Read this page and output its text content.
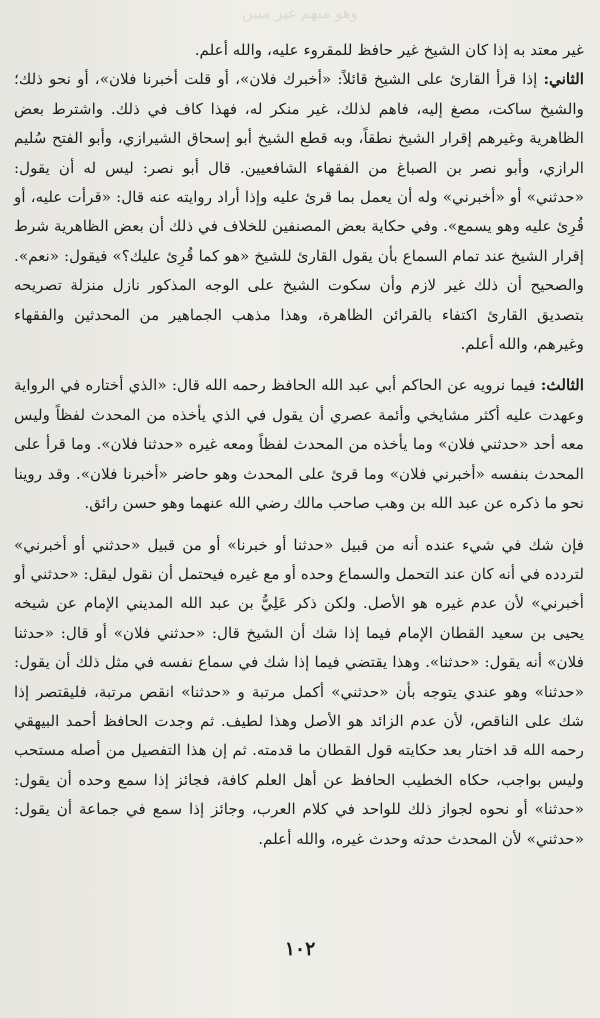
وهو مبهم غير مبين

غير معتد به إذا كان الشيخ غير حافظ للمقروء عليه، والله أعلم.

الثاني: إذا قرأ القارئ على الشيخ قائلاً: «أخبرك فلان»، أو قلت أخبرنا فلان»، أو نحو ذلك؛ والشيخ ساكت، مصغ إليه، فاهم لذلك، غير منكر له، فهذا كاف في ذلك. واشترط بعض الظاهرية وغيرهم إقرار الشيخ نطقاً، وبه قطع الشيخ أبو إسحاق الشيرازي، وأبو الفتح سُليم الرازي، وأبو نصر بن الصباغ من الفقهاء الشافعيين. قال أبو نصر: ليس له أن يقول: «حدثني» أو «أخبرني» وله أن يعمل بما قرئ عليه وإذا أراد روايته عنه قال: «قرأت عليه، أو قُرِئ عليه وهو يسمع». وفي حكاية بعض المصنفين للخلاف في ذلك أن بعض الظاهرية شرط إقرار الشيخ عند تمام السماع بأن يقول القارئ للشيخ «هو كما قُرِئ عليك؟» فيقول: «نعم». والصحيح أن ذلك غير لازم وأن سكوت الشيخ على الوجه المذكور نازل منزلة تصريحه بتصديق القارئ اكتفاء بالقرائن الظاهرة، وهذا مذهب الجماهير من المحدثين والفقهاء وغيرهم، والله أعلم.

الثالث: فيما نرويه عن الحاكم أبي عبد الله الحافظ رحمه الله قال: «الذي أختاره في الرواية وعهدت عليه أكثر مشايخي وأئمة عصري أن يقول في الذي يأخذه من المحدث لفظاً وليس معه أحد «حدثني فلان» وما يأخذه من المحدث لفظاً ومعه غيره «حدثنا فلان». وما قرأ على المحدث بنفسه «أخبرني فلان» وما قرئ على المحدث وهو حاضر «أخبرنا فلان». وقد روينا نحو ما ذكره عن عبد الله بن وهب صاحب مالك رضي الله عنهما وهو حسن رائق.

فإن شك في شيء عنده أنه من قبيل «حدثنا أو خبرنا» أو من قبيل «حدثني أو أخبرني» لتردده في أنه كان عند التحمل والسماع وحده أو مع غيره فيحتمل أن نقول ليقل: «حدثني أو أخبرني» لأن عدم غيره هو الأصل. ولكن ذكر عَلِيُّ بن عبد الله المديني الإمام عن شيخه يحيى بن سعيد القطان الإمام فيما إذا شك أن الشيخ قال: «حدثني فلان» أو قال: «حدثنا فلان» أنه يقول: «حدثنا». وهذا يقتضي فيما إذا شك في سماع نفسه في مثل ذلك أن يقول: «حدثنا» وهو عندي يتوجه بأن «حدثني» أكمل مرتبة و «حدثنا» انقص مرتبة، فليقتصر إذا شك على الناقص، لأن عدم الزائد هو الأصل وهذا لطيف. ثم وجدت الحافظ أحمد البيهقي رحمه الله قد اختار بعد حكايته قول القطان ما قدمته. ثم إن هذا التفصيل من أصله مستحب وليس بواجب، حكاه الخطيب الحافظ عن أهل العلم كافة، فجائز إذا سمع وحده أن يقول: «حدثنا» أو نحوه لجواز ذلك للواحد في كلام العرب، وجائز إذا سمع في جماعة أن يقول: «حدثني» لأن المحدث حدثه وحدث غيره، والله أعلم.

١٠٢
